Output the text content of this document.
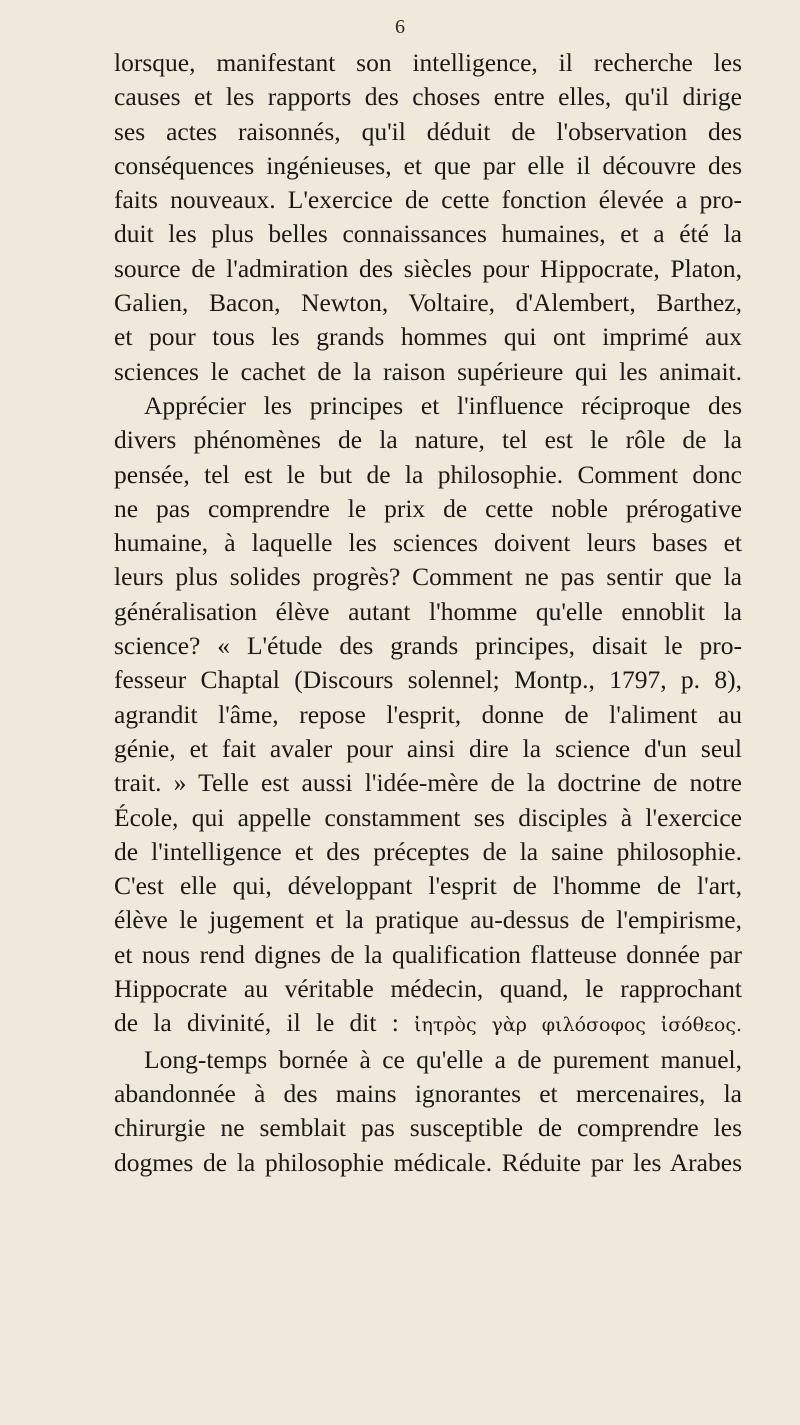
6
lorsque, manifestant son intelligence, il recherche les
causes et les rapports des choses entre elles, qu'il dirige
ses actes raisonnés, qu'il déduit de l'observation des
conséquences ingénieuses, et que par elle il découvre des
faits nouveaux. L'exercice de cette fonction élevée a pro-
duit les plus belles connaissances humaines, et a été la
source de l'admiration des siècles pour Hippocrate, Platon,
Galien, Bacon, Newton, Voltaire, d'Alembert, Barthez,
et pour tous les grands hommes qui ont imprimé aux
sciences le cachet de la raison supérieure qui les animait.
Apprécier les principes et l'influence réciproque des
divers phénomènes de la nature, tel est le rôle de la
pensée, tel est le but de la philosophie. Comment donc
ne pas comprendre le prix de cette noble prérogative
humaine, à laquelle les sciences doivent leurs bases et
leurs plus solides progrès? Comment ne pas sentir que la
généralisation élève autant l'homme qu'elle ennoblit la
science? « L'étude des grands principes, disait le pro-
fesseur Chaptal (Discours solennel; Montp., 1797, p. 8),
agrandit l'âme, repose l'esprit, donne de l'aliment au
génie, et fait avaler pour ainsi dire la science d'un seul
trait. » Telle est aussi l'idée-mère de la doctrine de notre
École, qui appelle constamment ses disciples à l'exercice
de l'intelligence et des préceptes de la saine philosophie.
C'est elle qui, développant l'esprit de l'homme de l'art,
élève le jugement et la pratique au-dessus de l'empirisme,
et nous rend dignes de la qualification flatteuse donnée par
Hippocrate au véritable médecin, quand, le rapprochant
de la divinité, il le dit : ἰητρὸς γὰρ φιλόσοφος ἰσόθεος.
Long-temps bornée à ce qu'elle a de purement manuel,
abandonnée à des mains ignorantes et mercenaires, la
chirurgie ne semblait pas susceptible de comprendre les
dogmes de la philosophie médicale. Réduite par les Arabes
